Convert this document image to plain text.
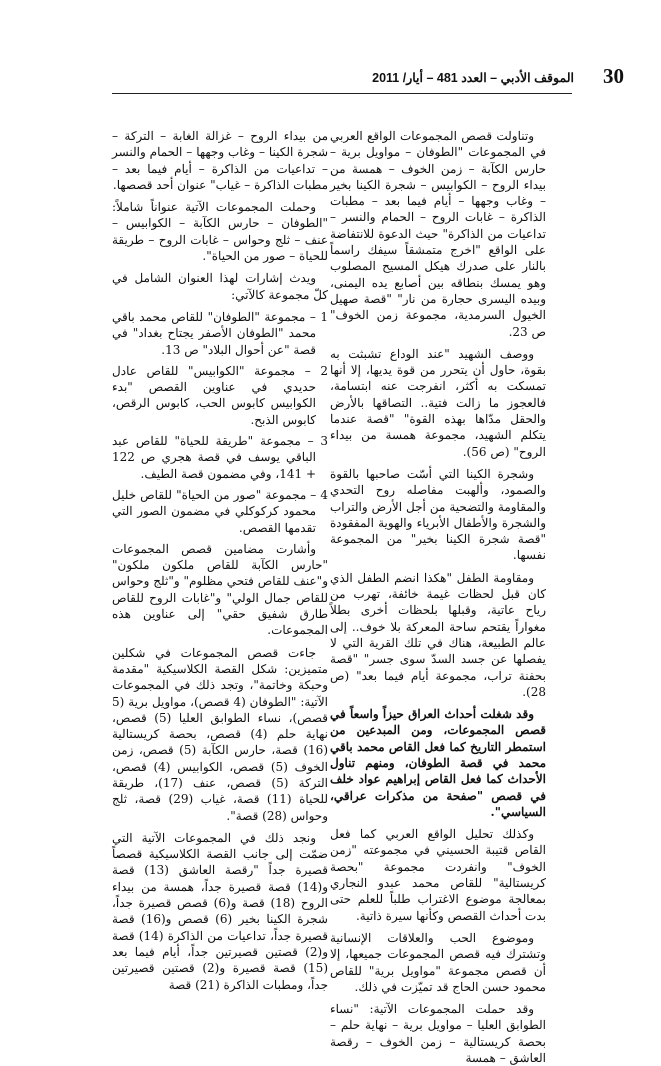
30
الموقف الأدبي – العدد 481 – أيار/ 2011

وتناولت قصص المجموعات الواقع العربي في المجموعات "الطوفان – مواويل برية – حارس الكآبة – زمن الخوف – همسة من بيداء الروح – الكوابيس – شجرة الكينا بخير – وغاب وجهها – أيام فيما بعد – مطبات الذاكرة – غابات الروح – الحمام والنسر – تداعيات من الذاكرة" حيث الدعوة للانتفاضة على الواقع "اخرج متمشقاً سيفك راسماً بالنار على صدرك هيكل المسيح المصلوب وهو يمسك بنطاقه بين أصابع يده اليمنى، وبيده اليسرى حجارة من نار" "قصة صهيل الخيول السرمدية، مجموعة زمن الخوف" ص 23.

ووصف الشهيد "عند الوداع تشبثت به بقوة، حاول أن يتحرر من قوة يديها، إلا أنها تمسكت به أكثر، انفرجت عنه ابتسامة، فالعجوز ما زالت فتية.. التصاقها بالأرض والحقل مدّاها بهذه القوة" "قصة عندما يتكلم الشهيد، مجموعة همسة من بيداء الروح" (ص 56).

وشجرة الكينا التي أسّت صاحبها بالقوة والصمود، وألهبت مفاصله روح التحدي والمقاومة والتضحية من أجل الأرض والتراب والشجرة والأطفال الأبرياء والهوية المفقودة "قصة شجرة الكينا بخير" من المجموعة نفسها.

ومقاومة الطفل "هكذا انضم الطفل الذي كان قبل لحظات غيمة خائفة، تهرب من رياح عاتية، وقبلها بلحظات أخرى بطلاً مغواراً يقتحم ساحة المعركة بلا خوف.. إلى عالم الطبيعة، هناك في تلك القرية التي لا يفصلها عن جسد السدّ سوى جسر" "قصة بحفنة تراب، مجموعة أيام فيما بعد" (ص 28).

وقد شغلت أحداث العراق حيزاً واسعاً في قصص المجموعات، ومن المبدعين من استمطر التاريخ كما فعل القاص محمد باقي محمد في قصة الطوفان، ومنهم تناول الأحداث كما فعل القاص إبراهيم عواد خلف في قصص "صفحة من مذكرات عراقي، السياسي".

وكذلك تحليل الواقع العربي كما فعل القاص قتيبة الحسيني في مجموعته "زمن الخوف" وانفردت مجموعة "بحصة كريستالية" للقاص محمد عبدو النجاري بمعالجة موضوع الاغتراب طلباً للعلم حتى بدت أحداث القصص وكأنها سيرة ذاتية.

وموضوع الحب والعلاقات الإنسانية وتشترك فيه قصص المجموعات جميعها، إلا أن قصص مجموعة "مواويل برية" للقاص محمود حسن الحاج قد تميّزت في ذلك.

وقد حملت المجموعات الآتية: "نساء الطوابق العليا – مواويل برية – نهاية حلم – بحصة كريستالية – زمن الخوف – رقصة العاشق – همسة

من بيداء الروح – غزالة الغابة – التركة – شجرة الكينا – وغاب وجهها – الحمام والنسر – تداعيات من الذاكرة – أيام فيما بعد – مطبات الذاكرة – غياب" عنوان أحد قصصها.

وحملت المجموعات الآتية عنواناً شاملاً: "الطوفان – حارس الكآبة – الكوابيس – عنف – ثلج وحواس – غابات الروح – طريقة للحياة – صور من الحياة".

ويدث إشارات لهذا العنوان الشامل في كلّ مجموعة كالآتي:

1 – مجموعة "الطوفان" للقاص محمد باقي محمد "الطوفان الأصفر يجتاح بغداد" في قصة "عن أحوال البلاد" ص 13.

2 – مجموعة "الكوابيس" للقاص عادل حديدي في عناوين القصص "بدء الكوابيس كابوس الحب، كابوس الرقص، كابوس الذبح.

3 – مجموعة "طريقة للحياة" للقاص عبد الباقي يوسف في قصة هجري ص 122 + 141، وفي مضمون قصة الطيف.

4 – مجموعة "صور من الحياة" للقاص خليل محمود كركوكلي في مضمون الصور التي تقدمها القصص.

وأشارت مضامين قصص المجموعات "حارس الكآبة للقاص ملكون ملكون" و"عنف للقاص فتحي مظلوم" و"ثلج وحواس للقاص جمال الولي" و"غابات الروح للقاص طارق شفيق حقي" إلى عناوين هذه المجموعات.

جاءت قصص المجموعات في شكلين متميزين: شكل القصة الكلاسيكية "مقدمة وحبكة وخاتمة"، وتجد ذلك في المجموعات الآتية: "الطوفان (4 قصص)، مواويل برية (5 قصص)، نساء الطوابق العليا (5) قصص، نهاية حلم (4) قصص، بحصة كريستالية (16) قصة، حارس الكآبة (5) قصص، زمن الخوف (5) قصص، الكوابيس (4) قصص، التركة (5) قصص، عنف (17)، طريقة للحياة (11) قصة، غياب (29) قصة، ثلج وحواس (28) قصة".

ونجد ذلك في المجموعات الآتية التي ضمّت إلى جانب القصة الكلاسيكية قصصاً قصيرة جداً "رقصة العاشق (13) قصة و(14) قصة قصيرة جداً، همسة من بيداء الروح (18) قصة و(6) قصص قصيرة جداً، شجرة الكينا بخير (6) قصص و(16) قصة قصيرة جداً، تداعيات من الذاكرة (14) قصة و(2) قصتين قصيرتين جداً، أيام فيما بعد (15) قصة قصيرة و(2) قصتين قصيرتين جداً، ومطبات الذاكرة (21) قصة
